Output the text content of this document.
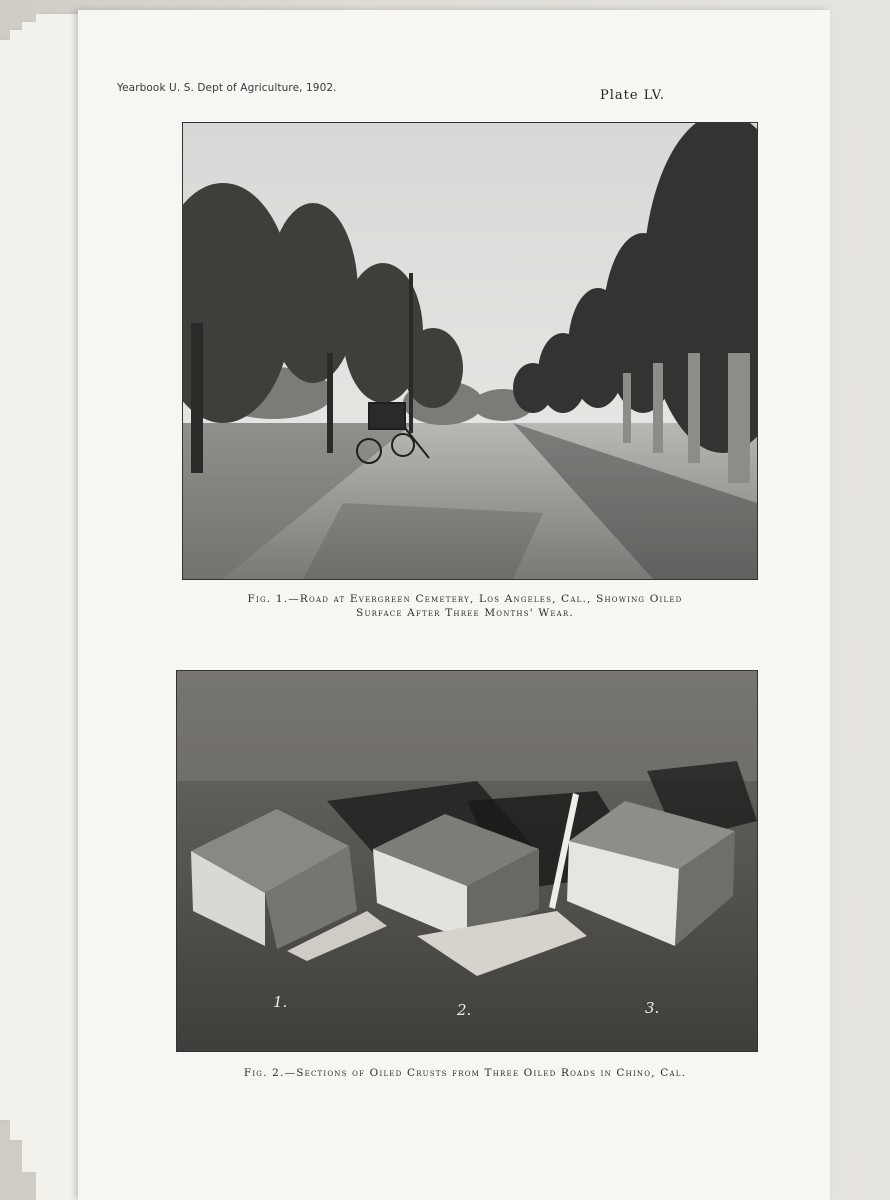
Yearbook U. S. Dept of Agriculture, 1902.	Plate LV.
Fig. 1.—Road at Evergreen Cemetery, Los Angeles, Cal., Showing Oiled
Surface After Three Months' Wear.
1.	2.	3.
Fig. 2.—Sections of Oiled Crusts from Three Oiled Roads in Chino, Cal.
